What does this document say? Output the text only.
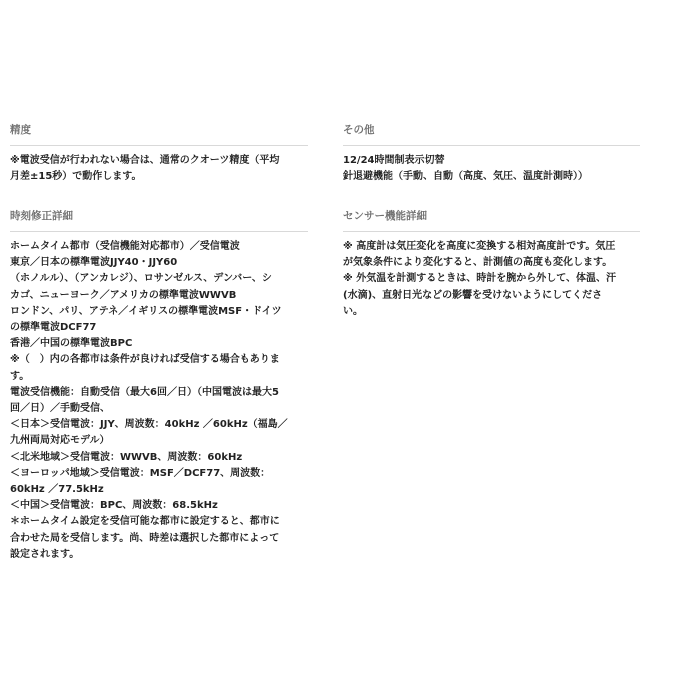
精度
※電波受信が行われない場合は、通常のクオーツ精度（平均
月差±15秒）で動作します。
時刻修正詳細
ホームタイム都市（受信機能対応都市）／受信電波
東京／日本の標準電波JJY40・JJY60
（ホノルル）、（アンカレジ）、ロサンゼルス、デンバー、シ
カゴ、ニューヨーク／アメリカの標準電波WWVB
ロンドン、パリ、アテネ／イギリスの標準電波MSF・ドイツ
の標準電波DCF77
香港／中国の標準電波BPC
※（　）内の各都市は条件が良ければ受信する場合もありま
す。
電波受信機能：自動受信（最大6回／日）（中国電波は最大5
回／日）／手動受信、
＜日本＞受信電波：JJY、周波数：40kHz ／60kHz（福島／
九州両局対応モデル）
＜北米地域＞受信電波：WWVB、周波数：60kHz
＜ヨーロッパ地域＞受信電波：MSF／DCF77、周波数：
60kHz ／77.5kHz
＜中国＞受信電波：BPC、周波数：68.5kHz
＊ホームタイム設定を受信可能な都市に設定すると、都市に
合わせた局を受信します。尚、時差は選択した都市によって
設定されます。
その他
12/24時間制表示切替
針退避機能（手動、自動（高度、気圧、温度計測時））
センサー機能詳細
※ 高度計は気圧変化を高度に変換する相対高度計です。気圧
が気象条件により変化すると、計測値の高度も変化します。
※ 外気温を計測するときは、時計を腕から外して、体温、汗
(水滴)、直射日光などの影響を受けないようにしてくださ
い。
